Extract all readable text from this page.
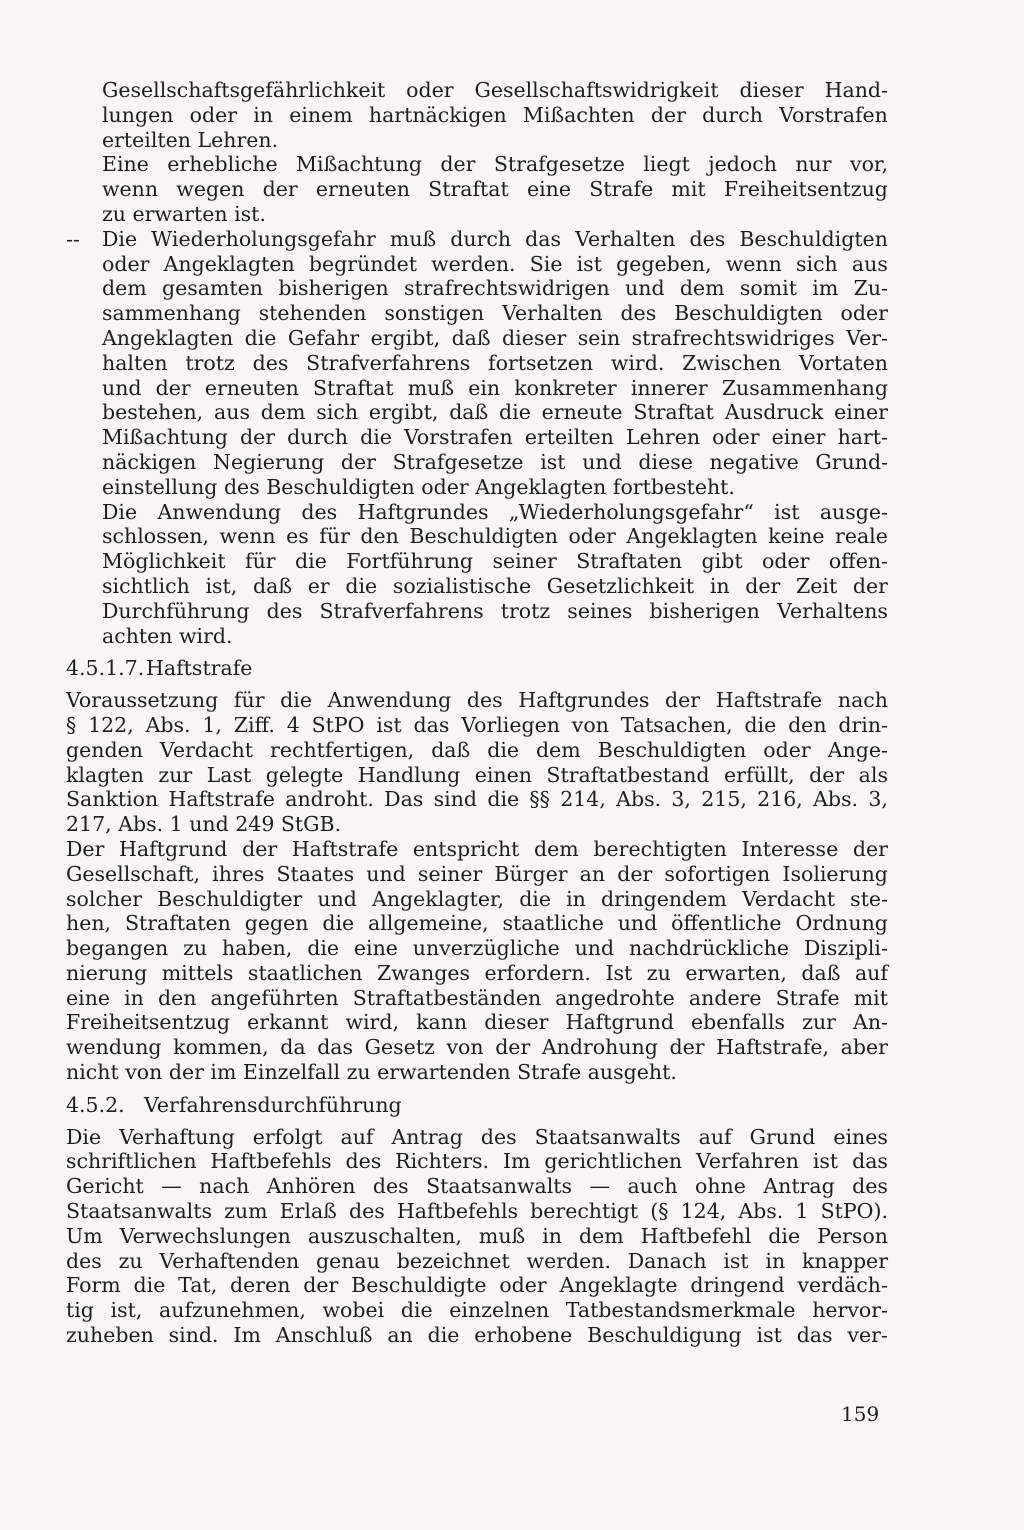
Gesellschaftsgefährlichkeit oder Gesellschaftswidrigkeit dieser Hand-
lungen oder in einem hartnäckigen Mißachten der durch Vorstrafen
erteilten Lehren.
Eine erhebliche Mißachtung der Strafgesetze liegt jedoch nur vor,
wenn wegen der erneuten Straftat eine Strafe mit Freiheitsentzug
zu erwarten ist.
--	Die Wiederholungsgefahr muß durch das Verhalten des Beschuldigten
oder Angeklagten begründet werden. Sie ist gegeben, wenn sich aus
dem gesamten bisherigen strafrechtswidrigen und dem somit im Zu-
sammenhang stehenden sonstigen Verhalten des Beschuldigten oder
Angeklagten die Gefahr ergibt, daß dieser sein strafrechtswidriges Ver-
halten trotz des Strafverfahrens fortsetzen wird. Zwischen Vortaten
und der erneuten Straftat muß ein konkreter innerer Zusammenhang
bestehen, aus dem sich ergibt, daß die erneute Straftat Ausdruck einer
Mißachtung der durch die Vorstrafen erteilten Lehren oder einer hart-
näckigen Negierung der Strafgesetze ist und diese negative Grund-
einstellung des Beschuldigten oder Angeklagten fortbesteht.
Die Anwendung des Haftgrundes „Wiederholungsgefahr“ ist ausge-
schlossen, wenn es für den Beschuldigten oder Angeklagten keine reale
Möglichkeit für die Fortführung seiner Straftaten gibt oder offen-
sichtlich ist, daß er die sozialistische Gesetzlichkeit in der Zeit der
Durchführung des Strafverfahrens trotz seines bisherigen Verhaltens
achten wird.
4.5.1.7. Haftstrafe
Voraussetzung für die Anwendung des Haftgrundes der Haftstrafe nach
§ 122, Abs. 1, Ziff. 4 StPO ist das Vorliegen von Tatsachen, die den drin-
genden Verdacht rechtfertigen, daß die dem Beschuldigten oder Ange-
klagten zur Last gelegte Handlung einen Straftatbestand erfüllt, der als
Sanktion Haftstrafe androht. Das sind die §§ 214, Abs. 3, 215, 216, Abs. 3,
217, Abs. 1 und 249 StGB.
Der Haftgrund der Haftstrafe entspricht dem berechtigten Interesse der
Gesellschaft, ihres Staates und seiner Bürger an der sofortigen Isolierung
solcher Beschuldigter und Angeklagter, die in dringendem Verdacht ste-
hen, Straftaten gegen die allgemeine, staatliche und öffentliche Ordnung
begangen zu haben, die eine unverzügliche und nachdrückliche Diszipli-
nierung mittels staatlichen Zwanges erfordern. Ist zu erwarten, daß auf
eine in den angeführten Straftatbeständen angedrohte andere Strafe mit
Freiheitsentzug erkannt wird, kann dieser Haftgrund ebenfalls zur An-
wendung kommen, da das Gesetz von der Androhung der Haftstrafe, aber
nicht von der im Einzelfall zu erwartenden Strafe ausgeht.
4.5.2. Verfahrensdurchführung
Die Verhaftung erfolgt auf Antrag des Staatsanwalts auf Grund eines
schriftlichen Haftbefehls des Richters. Im gerichtlichen Verfahren ist das
Gericht — nach Anhören des Staatsanwalts — auch ohne Antrag des
Staatsanwalts zum Erlaß des Haftbefehls berechtigt (§ 124, Abs. 1 StPO).
Um Verwechslungen auszuschalten, muß in dem Haftbefehl die Person
des zu Verhaftenden genau bezeichnet werden. Danach ist in knapper
Form die Tat, deren der Beschuldigte oder Angeklagte dringend verdäch-
tig ist, aufzunehmen, wobei die einzelnen Tatbestandsmerkmale hervor-
zuheben sind. Im Anschluß an die erhobene Beschuldigung ist das ver-
159
